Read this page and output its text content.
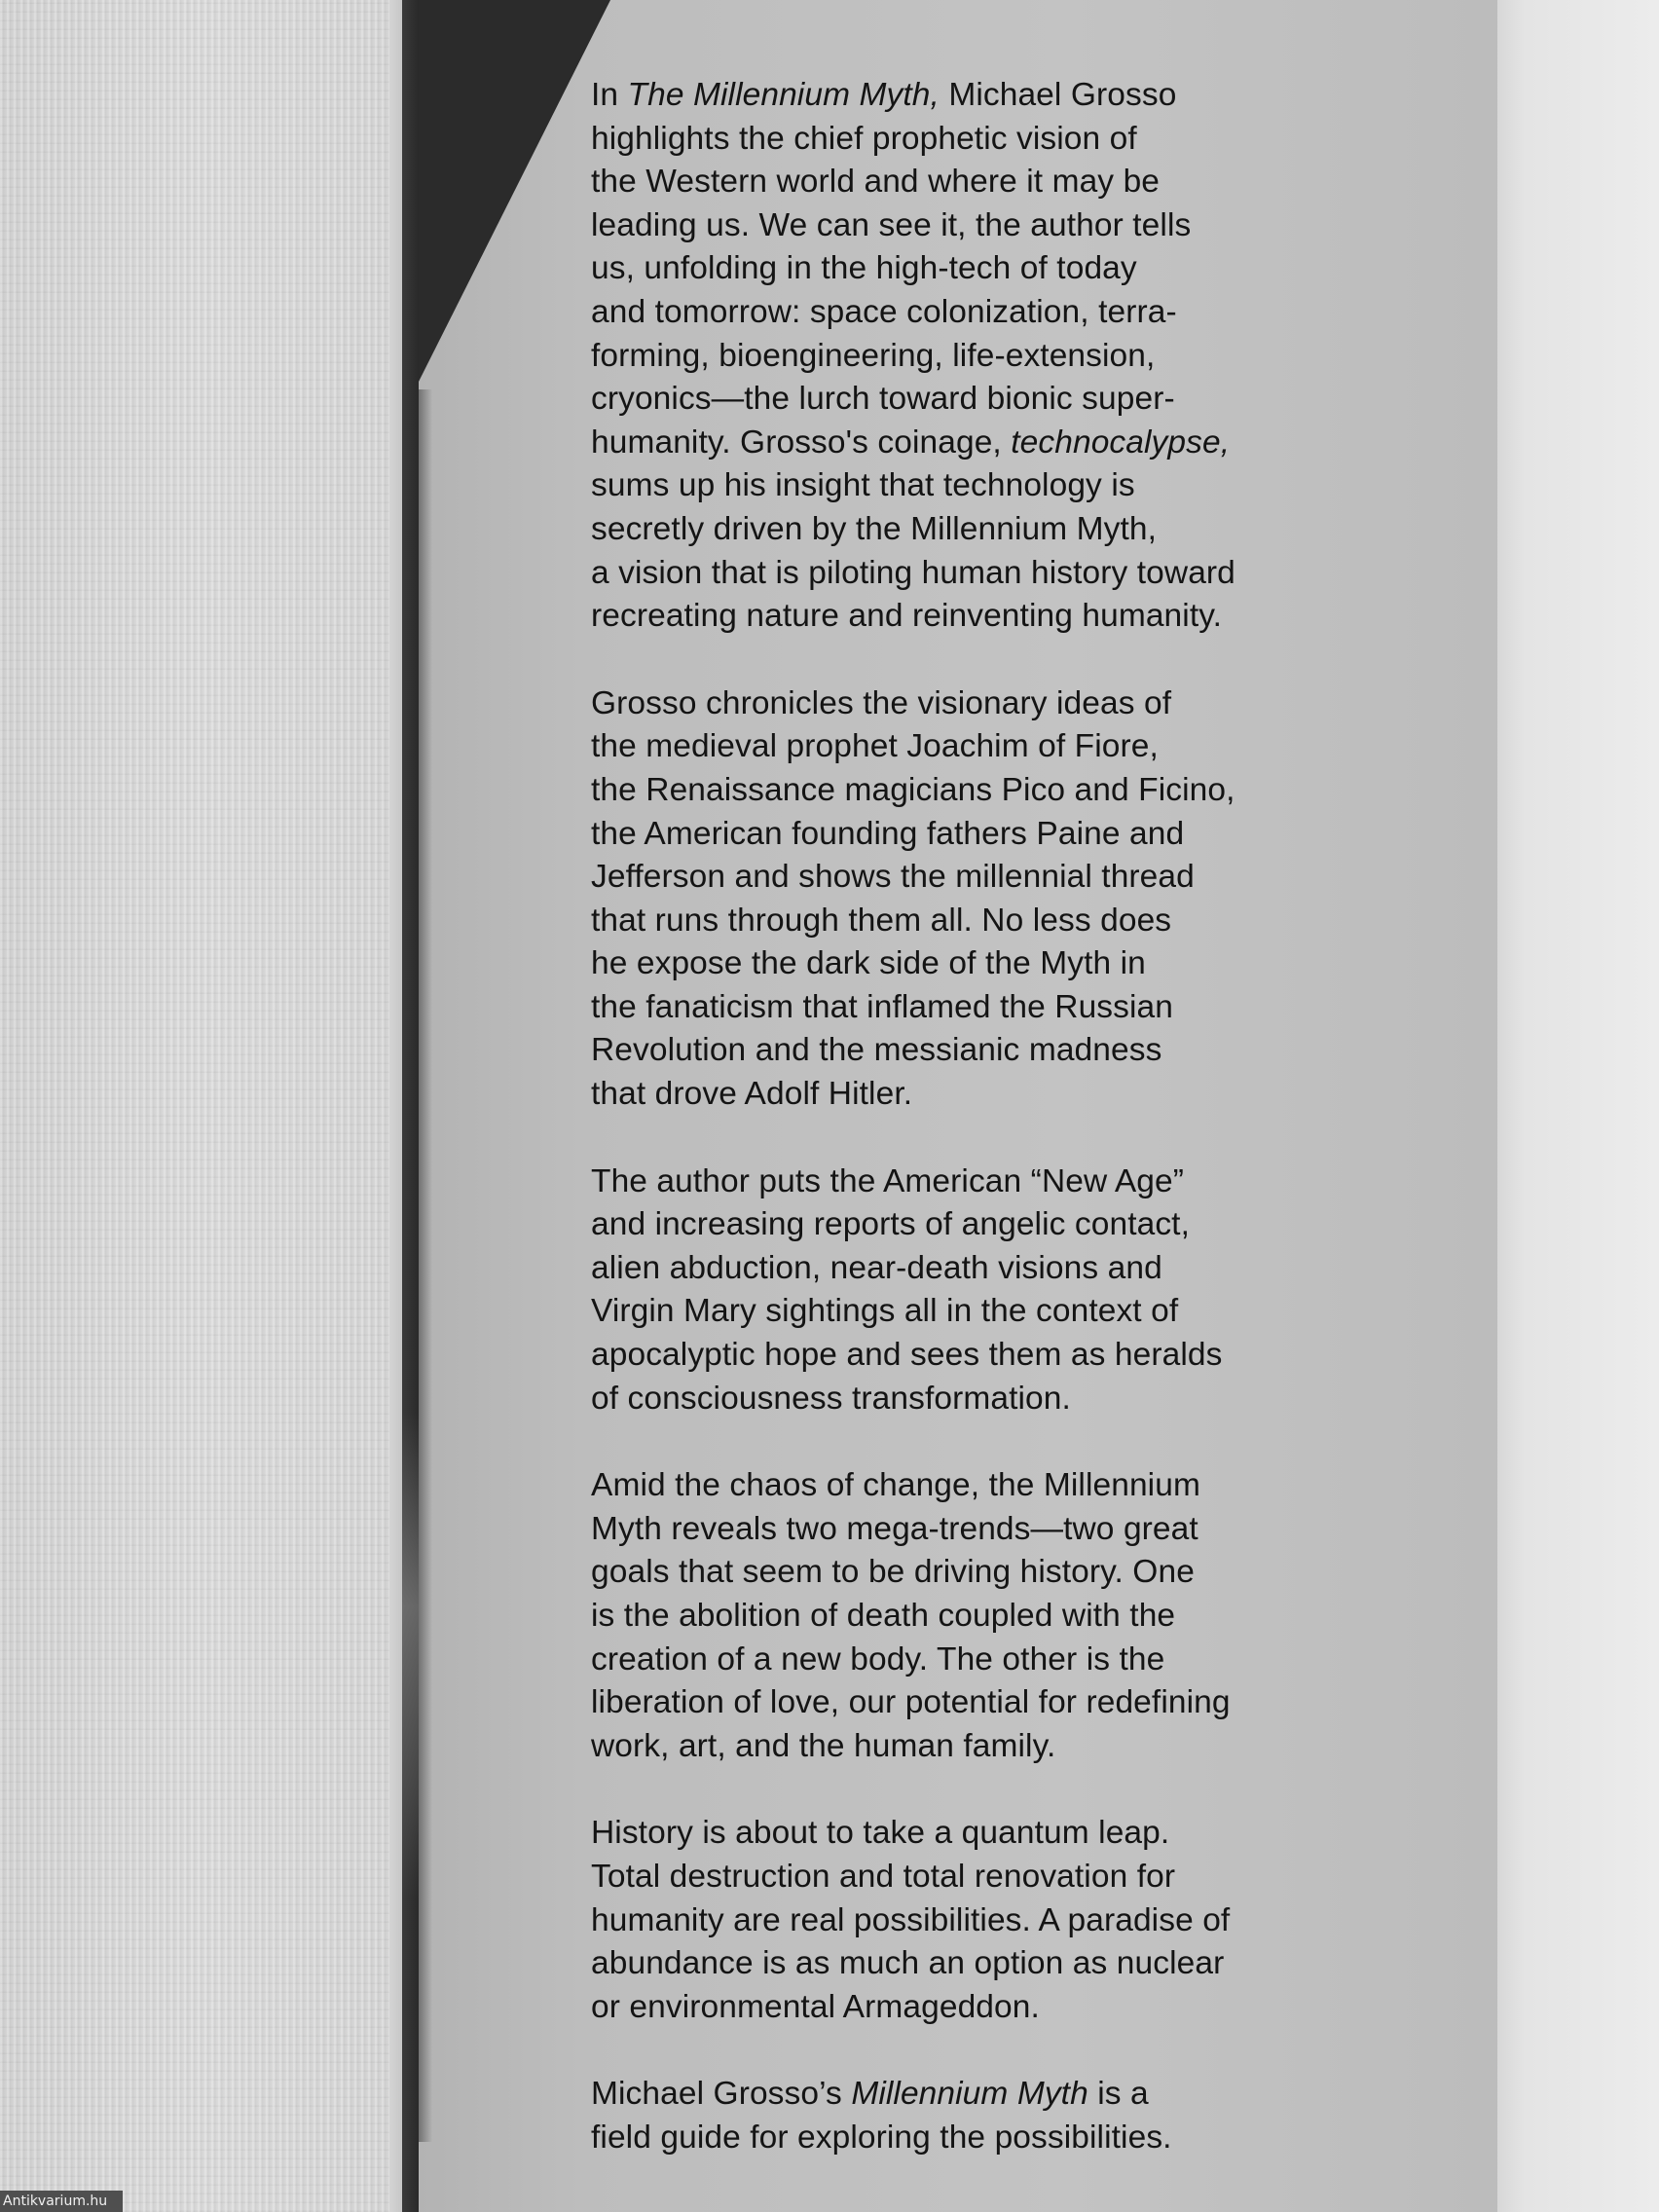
In The Millennium Myth, Michael Grosso
highlights the chief prophetic vision of
the Western world and where it may be
leading us. We can see it, the author tells
us, unfolding in the high-tech of today
and tomorrow: space colonization, terra-
forming, bioengineering, life-extension,
cryonics—the lurch toward bionic super-
humanity. Grosso's coinage, technocalypse,
sums up his insight that technology is
secretly driven by the Millennium Myth,
a vision that is piloting human history toward
recreating nature and reinventing humanity.
Grosso chronicles the visionary ideas of
the medieval prophet Joachim of Fiore,
the Renaissance magicians Pico and Ficino,
the American founding fathers Paine and
Jefferson and shows the millennial thread
that runs through them all. No less does
he expose the dark side of the Myth in
the fanaticism that inflamed the Russian
Revolution and the messianic madness
that drove Adolf Hitler.
The author puts the American “New Age”
and increasing reports of angelic contact,
alien abduction, near-death visions and
Virgin Mary sightings all in the context of
apocalyptic hope and sees them as heralds
of consciousness transformation.
Amid the chaos of change, the Millennium
Myth reveals two mega-trends—two great
goals that seem to be driving history. One
is the abolition of death coupled with the
creation of a new body. The other is the
liberation of love, our potential for redefining
work, art, and the human family.
History is about to take a quantum leap.
Total destruction and total renovation for
humanity are real possibilities. A paradise of
abundance is as much an option as nuclear
or environmental Armageddon.
Michael Grosso’s Millennium Myth is a
field guide for exploring the possibilities.
Antikvarium.hu
